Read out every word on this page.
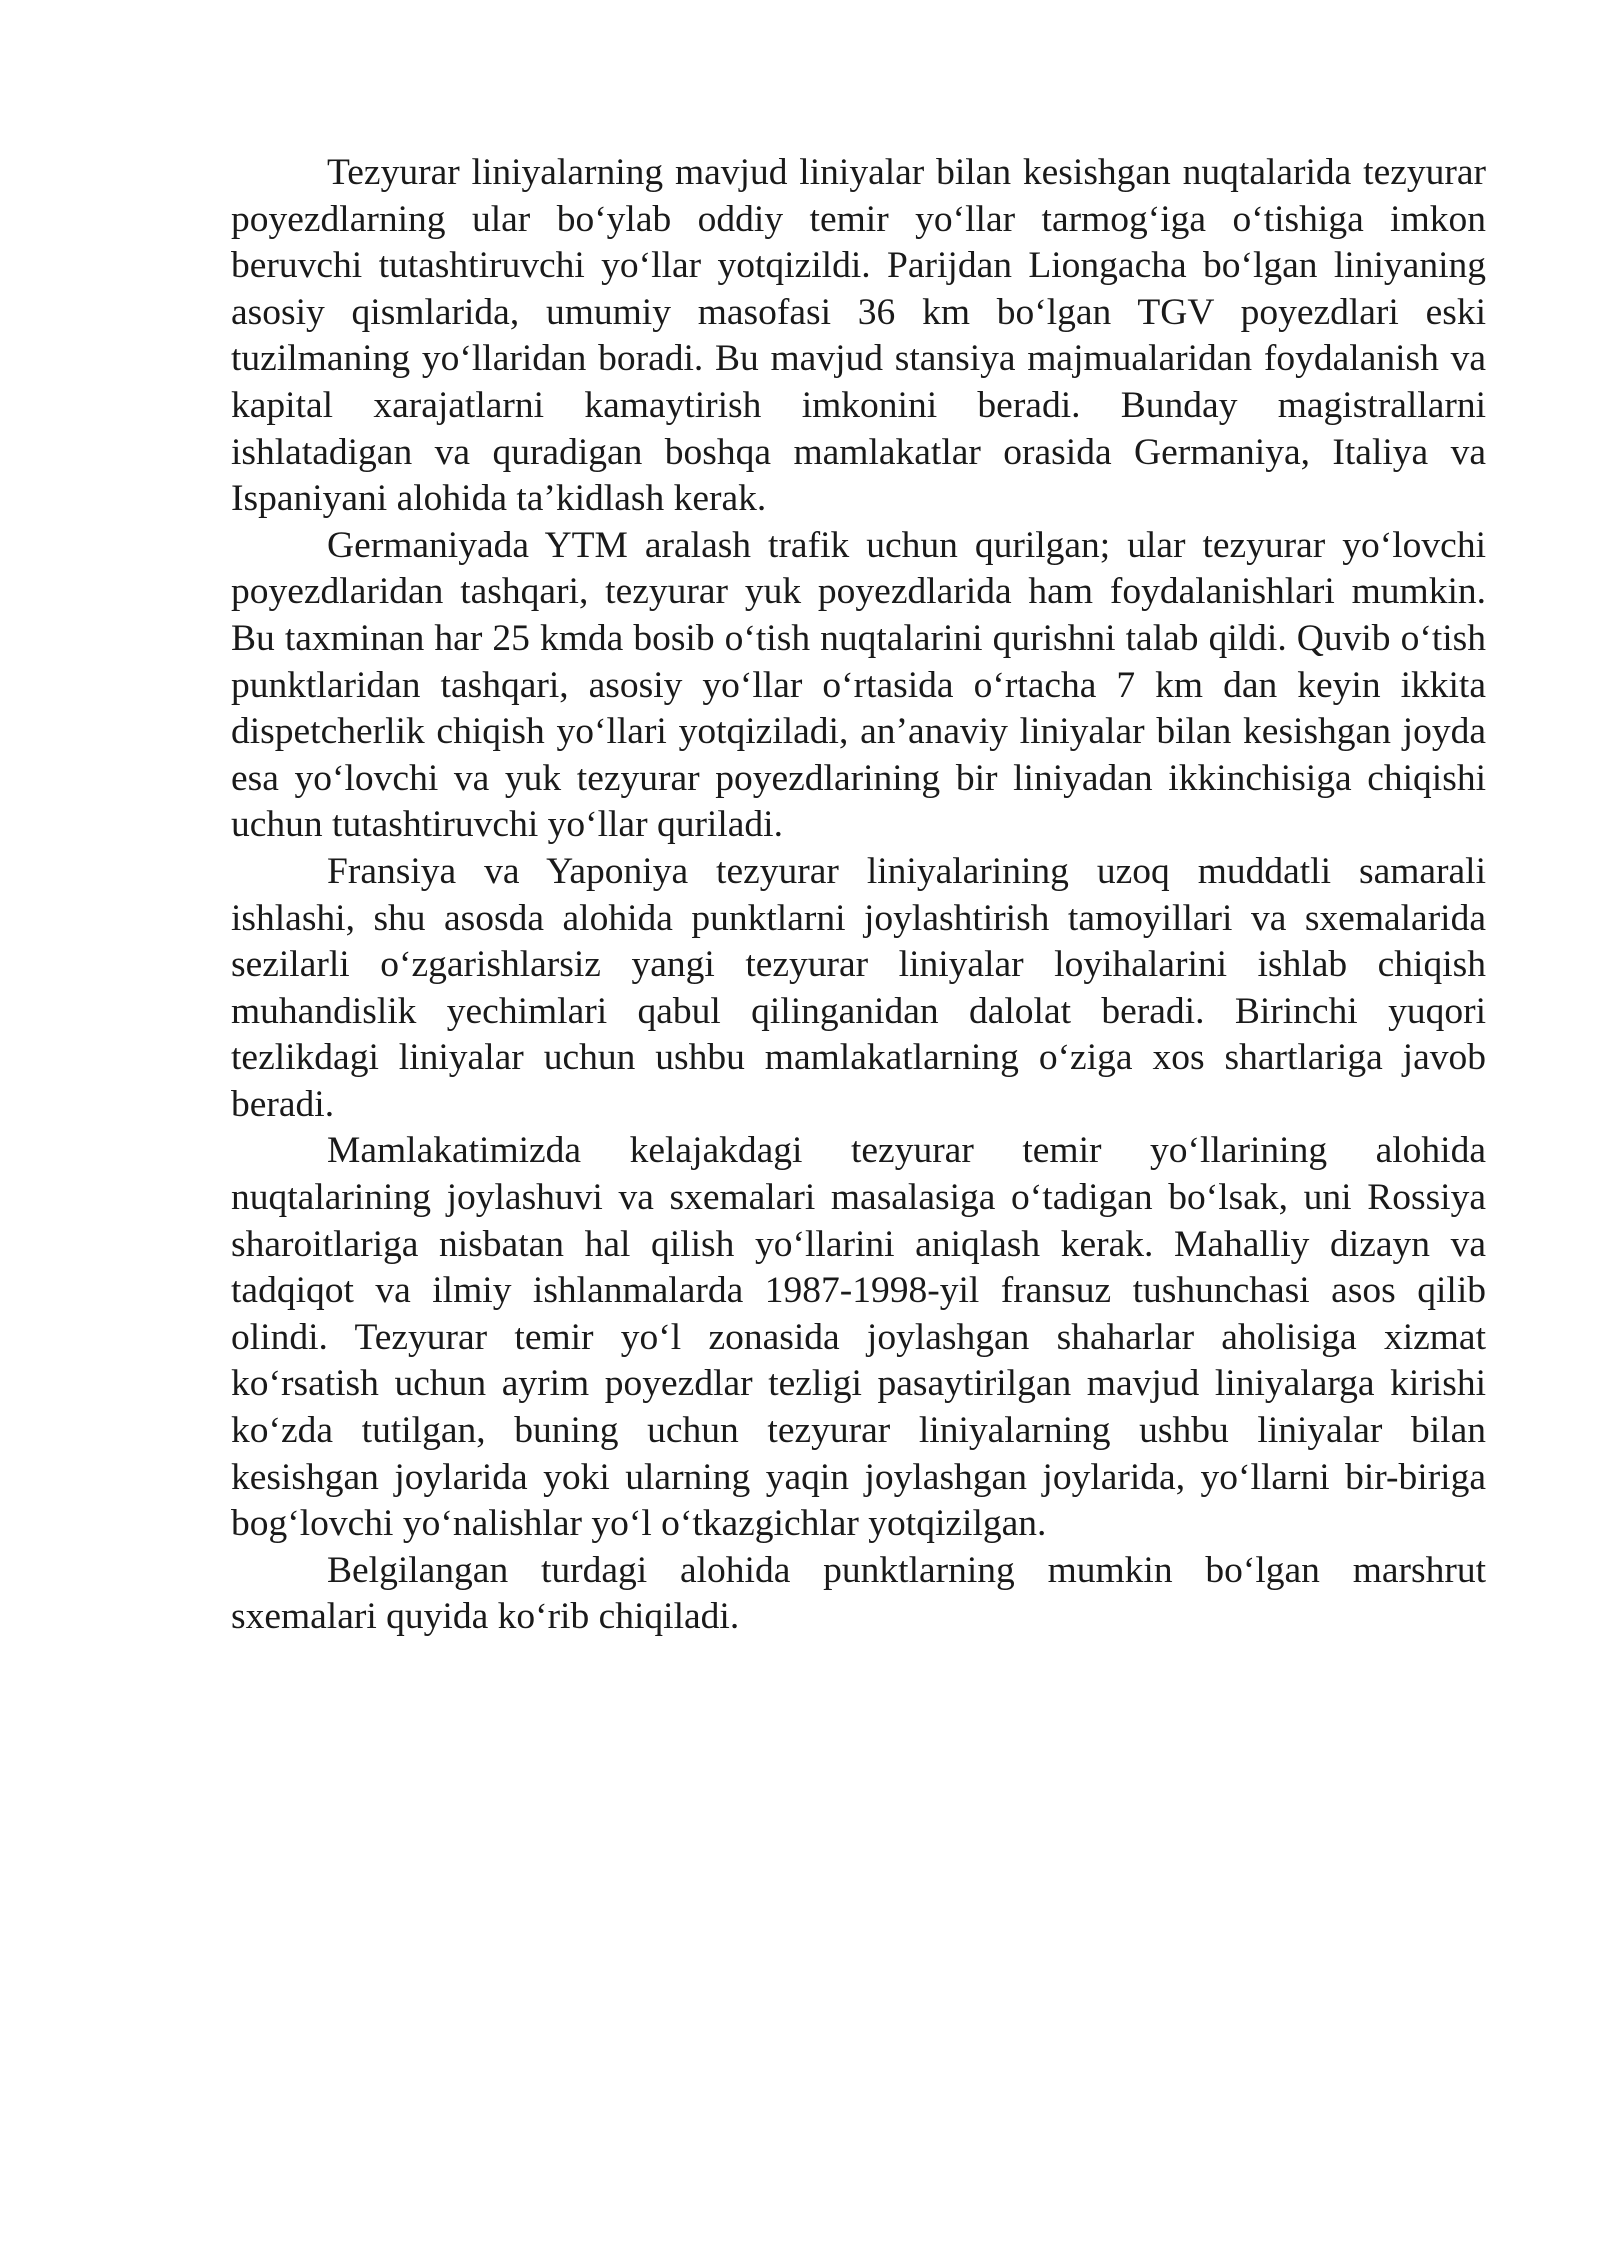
Tezyurar liniyalarning mavjud liniyalar bilan kesishgan nuqtalarida tezyurar poyezdlarning ular bo‘ylab oddiy temir yo‘llar tarmog‘iga o‘tishiga imkon beruvchi tutashtiruvchi yo‘llar yotqizildi. Parijdan Liongacha bo‘lgan liniyaning asosiy qismlarida, umumiy masofasi 36 km bo‘lgan TGV poyezdlari eski tuzilmaning yo‘llaridan boradi. Bu mavjud stansiya majmualaridan foydalanish va kapital xarajatlarni kamaytirish imkonini beradi. Bunday magistrallarni ishlatadigan va quradigan boshqa mamlakatlar orasida Germaniya, Italiya va Ispaniyani alohida ta’kidlash kerak.

Germaniyada YTM aralash trafik uchun qurilgan; ular tezyurar yo‘lovchi poyezdlaridan tashqari, tezyurar yuk poyezdlarida ham foydalanishlari mumkin. Bu taxminan har 25 kmda bosib o‘tish nuqtalarini qurishni talab qildi. Quvib o‘tish punktlaridan tashqari, asosiy yo‘llar o‘rtasida o‘rtacha 7 km dan keyin ikkita dispetcherlik chiqish yo‘llari yotqiziladi, an’anaviy liniyalar bilan kesishgan joyda esa yo‘lovchi va yuk tezyurar poyezdlarining bir liniyadan ikkinchisiga chiqishi uchun tutashtiruvchi yo‘llar quriladi.

Fransiya va Yaponiya tezyurar liniyalarining uzoq muddatli samarali ishlashi, shu asosda alohida punktlarni joylashtirish tamoyillari va sxemalarida sezilarli o‘zgarishlarsiz yangi tezyurar liniyalar loyihalarini ishlab chiqish muhandislik yechimlari qabul qilinganidan dalolat beradi. Birinchi yuqori tezlikdagi liniyalar uchun ushbu mamlakatlarning o‘ziga xos shartlariga javob beradi.

Mamlakatimizda kelajakdagi tezyurar temir yo‘llarining alohida nuqtalarining joylashuvi va sxemalari masalasiga o‘tadigan bo‘lsak, uni Rossiya sharoitlariga nisbatan hal qilish yo‘llarini aniqlash kerak. Mahalliy dizayn va tadqiqot va ilmiy ishlanmalarda 1987-1998-yil fransuz tushunchasi asos qilib olindi. Tezyurar temir yo‘l zonasida joylashgan shaharlar aholisiga xizmat ko‘rsatish uchun ayrim poyezdlar tezligi pasaytirilgan mavjud liniyalarga kirishi ko‘zda tutilgan, buning uchun tezyurar liniyalarning ushbu liniyalar bilan kesishgan joylarida yoki ularning yaqin joylashgan joylarida, yo‘llarni bir-biriga bog‘lovchi yo‘nalishlar yo‘l o‘tkazgichlar yotqizilgan.

Belgilangan turdagi alohida punktlarning mumkin bo‘lgan marshrut sxemalari quyida ko‘rib chiqiladi.
